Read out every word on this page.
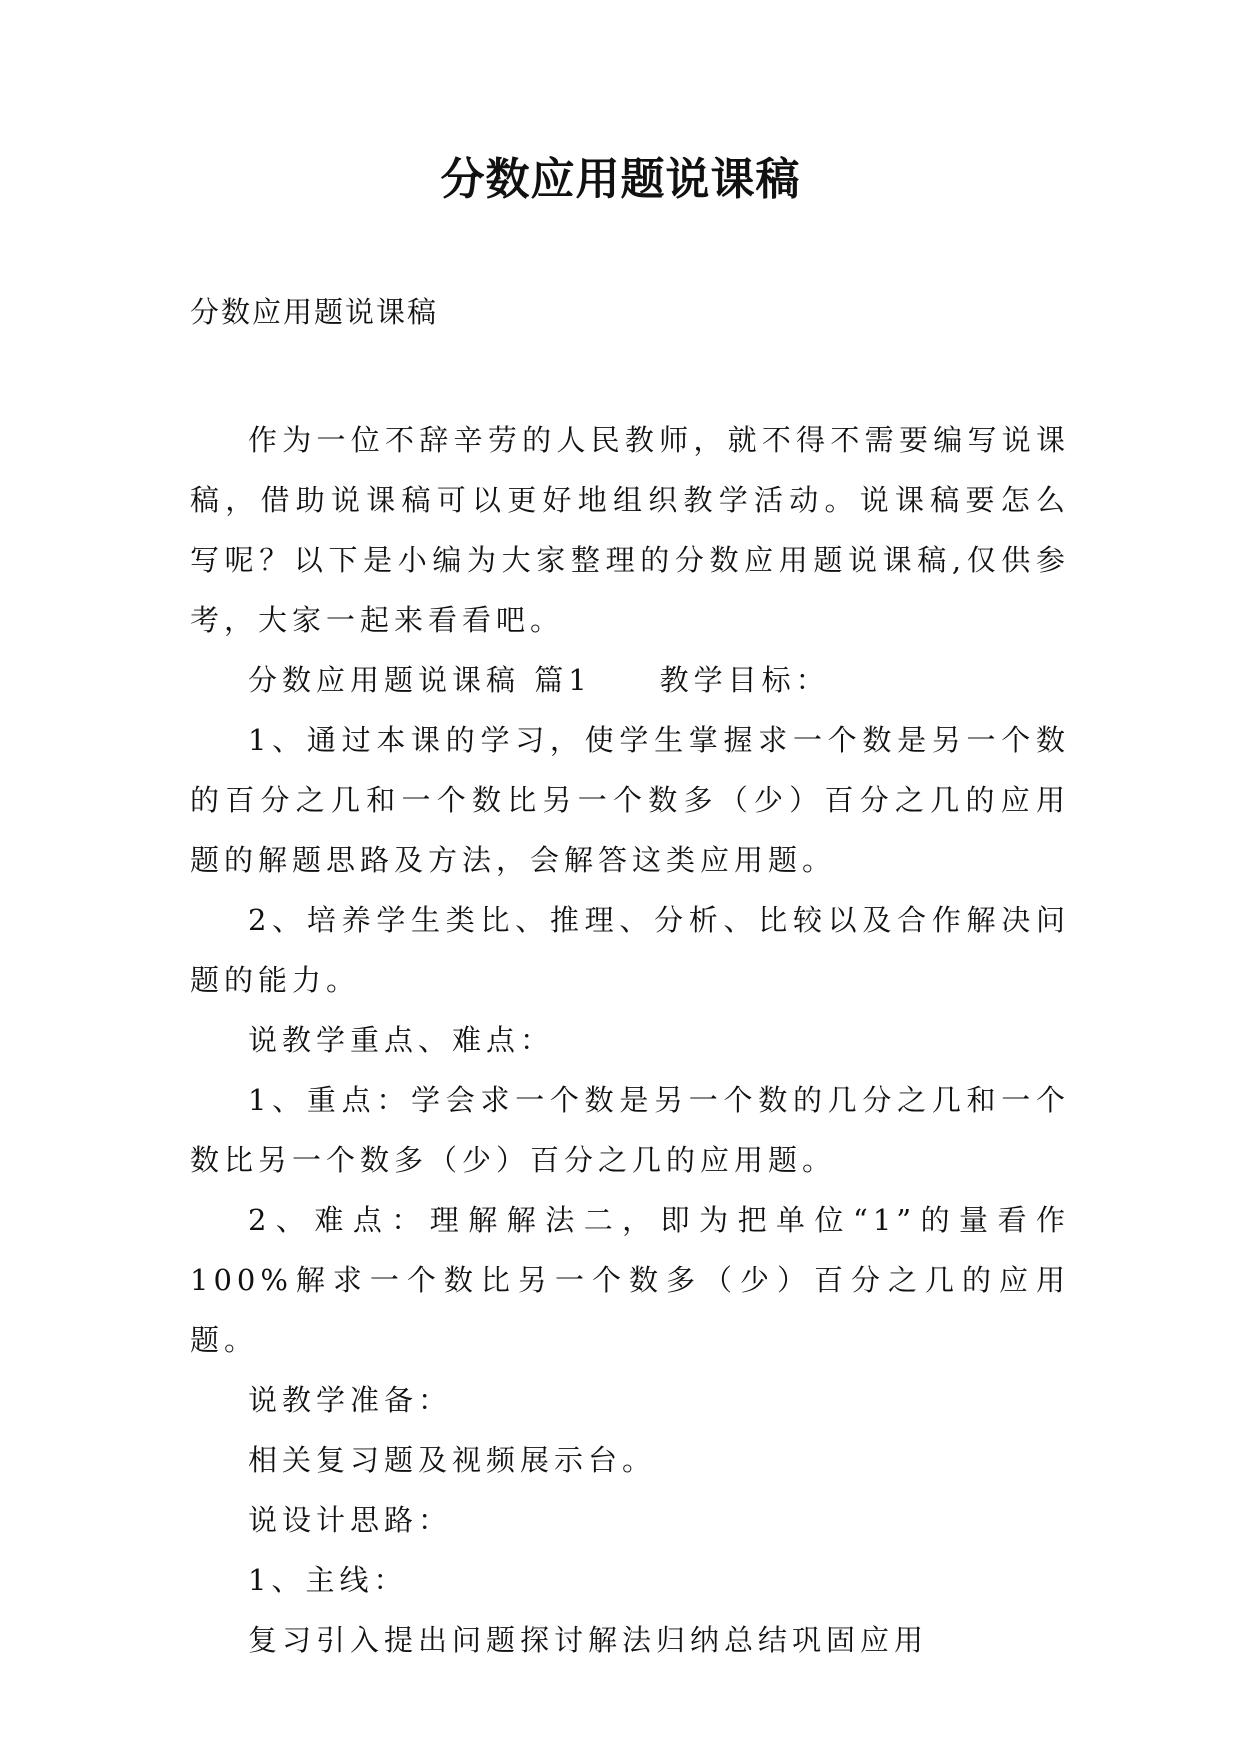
分数应用题说课稿

分数应用题说课稿

作为一位不辞辛劳的人民教师，就不得不需要编写说课稿，借助说课稿可以更好地组织教学活动。说课稿要怎么写呢？以下是小编为大家整理的分数应用题说课稿,仅供参考，大家一起来看看吧。

分数应用题说课稿 篇1　　教学目标：

1、通过本课的学习，使学生掌握求一个数是另一个数的百分之几和一个数比另一个数多（少）百分之几的应用题的解题思路及方法，会解答这类应用题。

2、培养学生类比、推理、分析、比较以及合作解决问题的能力。

说教学重点、难点：

1、重点：学会求一个数是另一个数的几分之几和一个数比另一个数多（少）百分之几的应用题。

2、难点：理解解法二，即为把单位“1”的量看作100%解求一个数比另一个数多（少）百分之几的应用题。

说教学准备：

相关复习题及视频展示台。

说设计思路：

1、主线：

复习引入提出问题探讨解法归纳总结巩固应用
